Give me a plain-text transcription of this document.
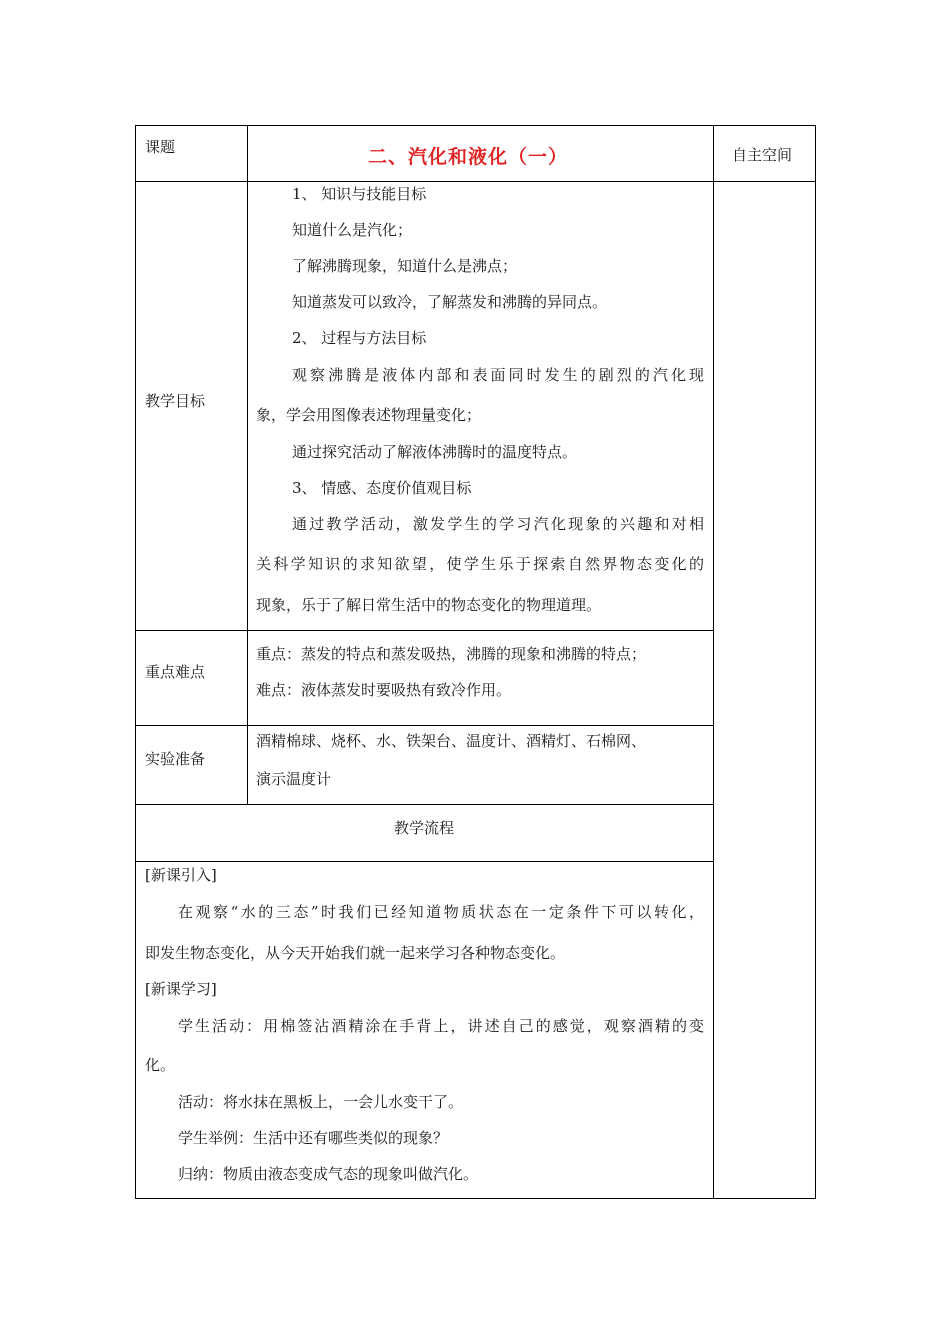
课题	二、汽化和液化（一）	自主空间
教学目标
1、 知识与技能目标
知道什么是汽化；
了解沸腾现象，知道什么是沸点；
知道蒸发可以致冷，了解蒸发和沸腾的异同点。
2、 过程与方法目标
观察沸腾是液体内部和表面同时发生的剧烈的汽化现
象，学会用图像表述物理量变化；
通过探究活动了解液体沸腾时的温度特点。
3、 情感、态度价值观目标
通过教学活动，激发学生的学习汽化现象的兴趣和对相
关科学知识的求知欲望，使学生乐于探索自然界物态变化的
现象，乐于了解日常生活中的物态变化的物理道理。
重点难点
重点：蒸发的特点和蒸发吸热，沸腾的现象和沸腾的特点；
难点：液体蒸发时要吸热有致冷作用。
实验准备
酒精棉球、烧杯、水、铁架台、温度计、酒精灯、石棉网、
演示温度计
教学流程
[新课引入]
在观察“水的三态”时我们已经知道物质状态在一定条件下可以转化，
即发生物态变化，从今天开始我们就一起来学习各种物态变化。
[新课学习]
学生活动：用棉签沾酒精涂在手背上，讲述自己的感觉，观察酒精的变
化。
活动：将水抹在黑板上，一会儿水变干了。
学生举例：生活中还有哪些类似的现象？
归纳：物质由液态变成气态的现象叫做汽化。
